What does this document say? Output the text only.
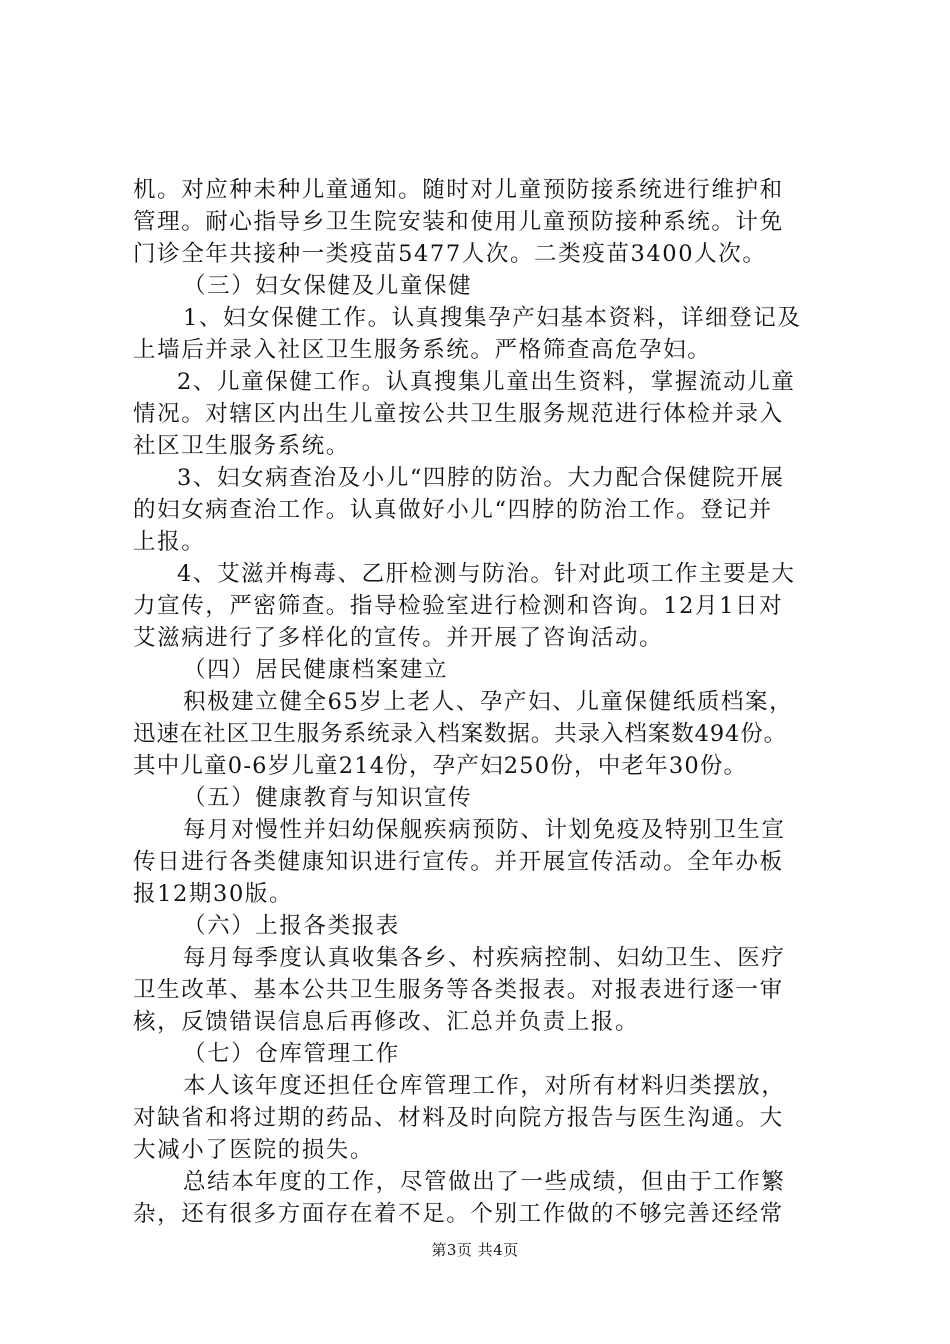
机。对应种未种儿童通知。随时对儿童预防接系统进行维护和
管理。耐心指导乡卫生院安装和使用儿童预防接种系统。计免
门诊全年共接种一类疫苗5477人次。二类疫苗3400人次。
（三）妇女保健及儿童保健
1、妇女保健工作。认真搜集孕产妇基本资料，详细登记及
上墙后并录入社区卫生服务系统。严格筛查高危孕妇。
2、儿童保健工作。认真搜集儿童出生资料，掌握流动儿童
情况。对辖区内出生儿童按公共卫生服务规范进行体检并录入
社区卫生服务系统。
3、妇女病查治及小儿“四脖的防治。大力配合保健院开展
的妇女病查治工作。认真做好小儿“四脖的防治工作。登记并
上报。
4、艾滋并梅毒、乙肝检测与防治。针对此项工作主要是大
力宣传，严密筛查。指导检验室进行检测和咨询。12月1日对
艾滋病进行了多样化的宣传。并开展了咨询活动。
（四）居民健康档案建立
积极建立健全65岁上老人、孕产妇、儿童保健纸质档案，
迅速在社区卫生服务系统录入档案数据。共录入档案数494份。
其中儿童0-6岁儿童214份，孕产妇250份，中老年30份。
（五）健康教育与知识宣传
每月对慢性并妇幼保舰疾病预防、计划免疫及特别卫生宣
传日进行各类健康知识进行宣传。并开展宣传活动。全年办板
报12期30版。
（六）上报各类报表
每月每季度认真收集各乡、村疾病控制、妇幼卫生、医疗
卫生改革、基本公共卫生服务等各类报表。对报表进行逐一审
核，反馈错误信息后再修改、汇总并负责上报。
（七）仓库管理工作
本人该年度还担任仓库管理工作，对所有材料归类摆放，
对缺省和将过期的药品、材料及时向院方报告与医生沟通。大
大减小了医院的损失。
总结本年度的工作，尽管做出了一些成绩，但由于工作繁
杂，还有很多方面存在着不足。个别工作做的不够完善还经常
第3页 共4页
